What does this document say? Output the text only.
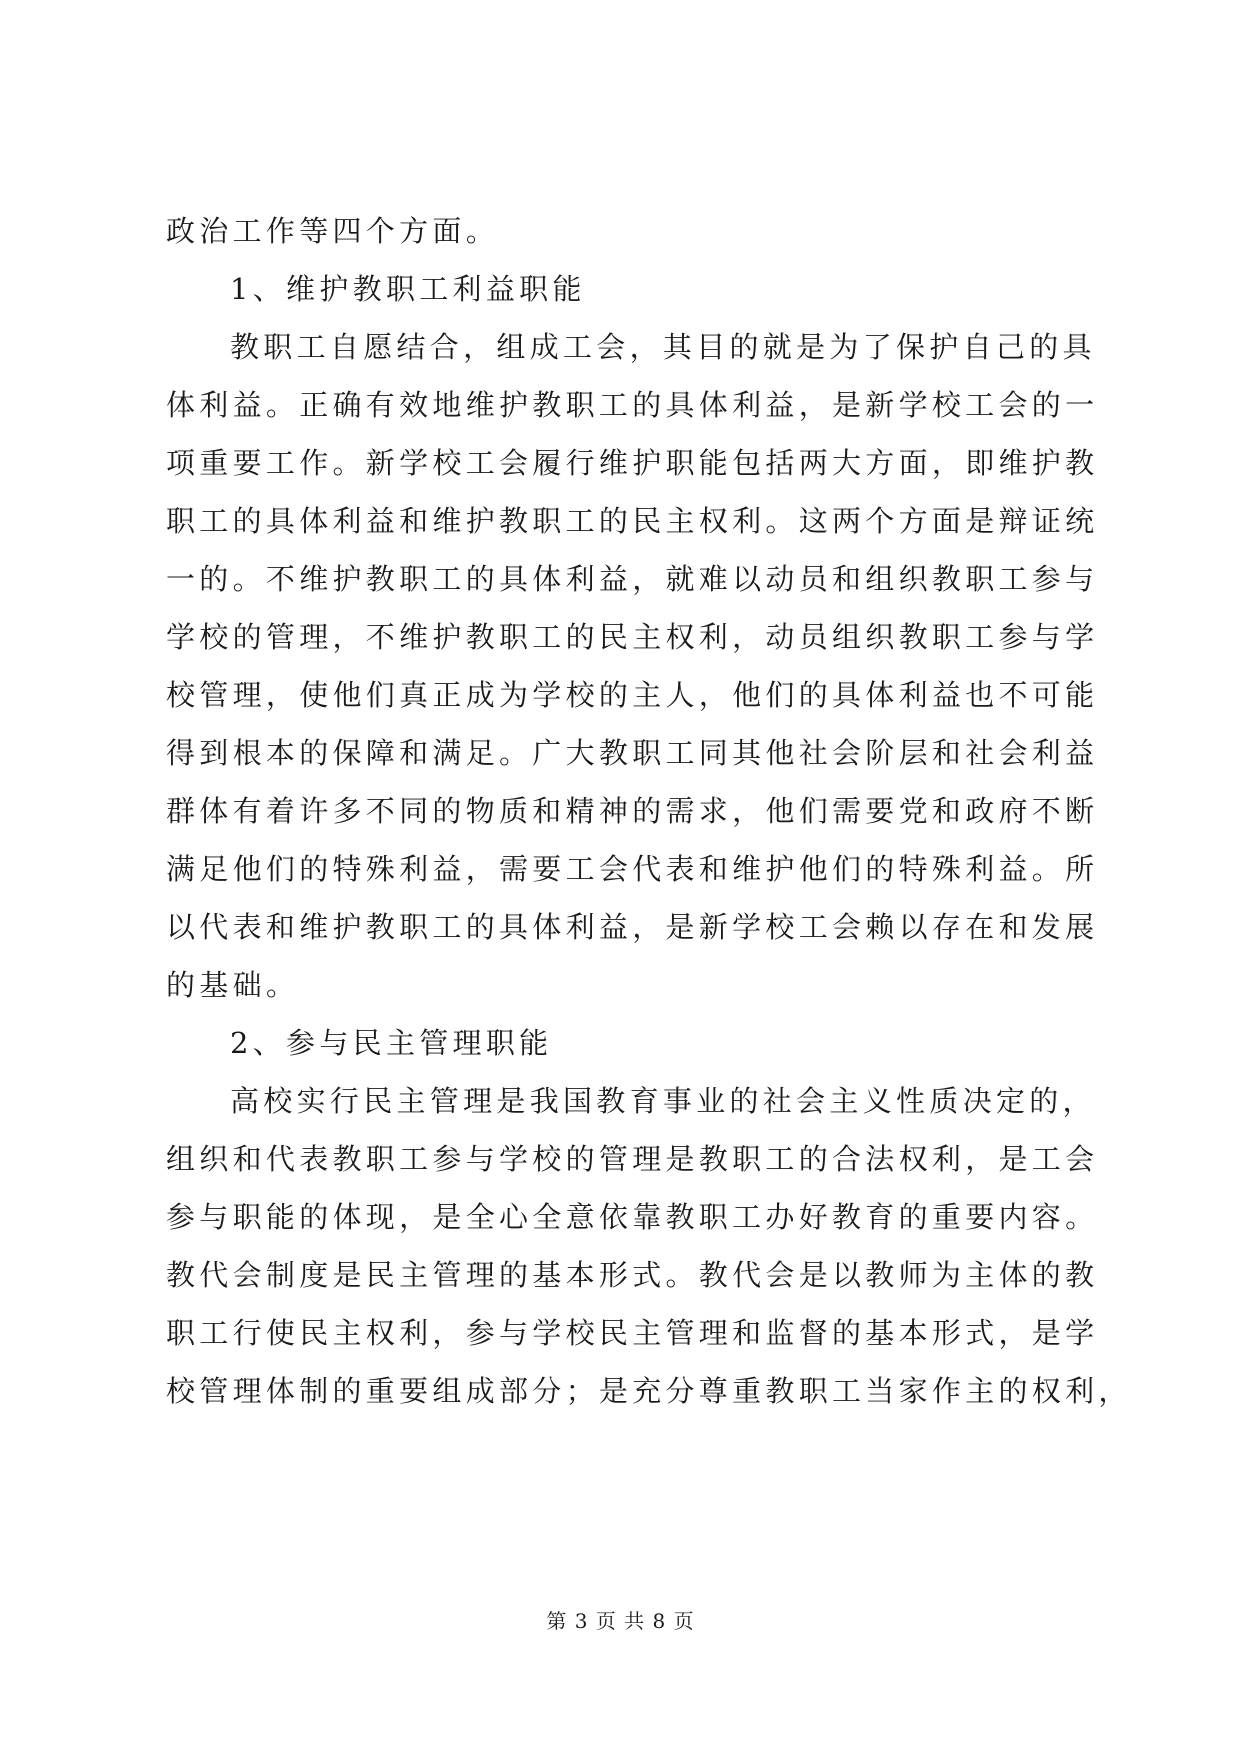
政治工作等四个方面。
1、维护教职工利益职能
教职工自愿结合，组成工会，其目的就是为了保护自己的具
体利益。正确有效地维护教职工的具体利益，是新学校工会的一
项重要工作。新学校工会履行维护职能包括两大方面，即维护教
职工的具体利益和维护教职工的民主权利。这两个方面是辩证统
一的。不维护教职工的具体利益，就难以动员和组织教职工参与
学校的管理，不维护教职工的民主权利，动员组织教职工参与学
校管理，使他们真正成为学校的主人，他们的具体利益也不可能
得到根本的保障和满足。广大教职工同其他社会阶层和社会利益
群体有着许多不同的物质和精神的需求，他们需要党和政府不断
满足他们的特殊利益，需要工会代表和维护他们的特殊利益。所
以代表和维护教职工的具体利益，是新学校工会赖以存在和发展
的基础。
2、参与民主管理职能
高校实行民主管理是我国教育事业的社会主义性质决定的，
组织和代表教职工参与学校的管理是教职工的合法权利，是工会
参与职能的体现，是全心全意依靠教职工办好教育的重要内容。
教代会制度是民主管理的基本形式。教代会是以教师为主体的教
职工行使民主权利，参与学校民主管理和监督的基本形式，是学
校管理体制的重要组成部分；是充分尊重教职工当家作主的权利，
第 3 页 共 8 页
